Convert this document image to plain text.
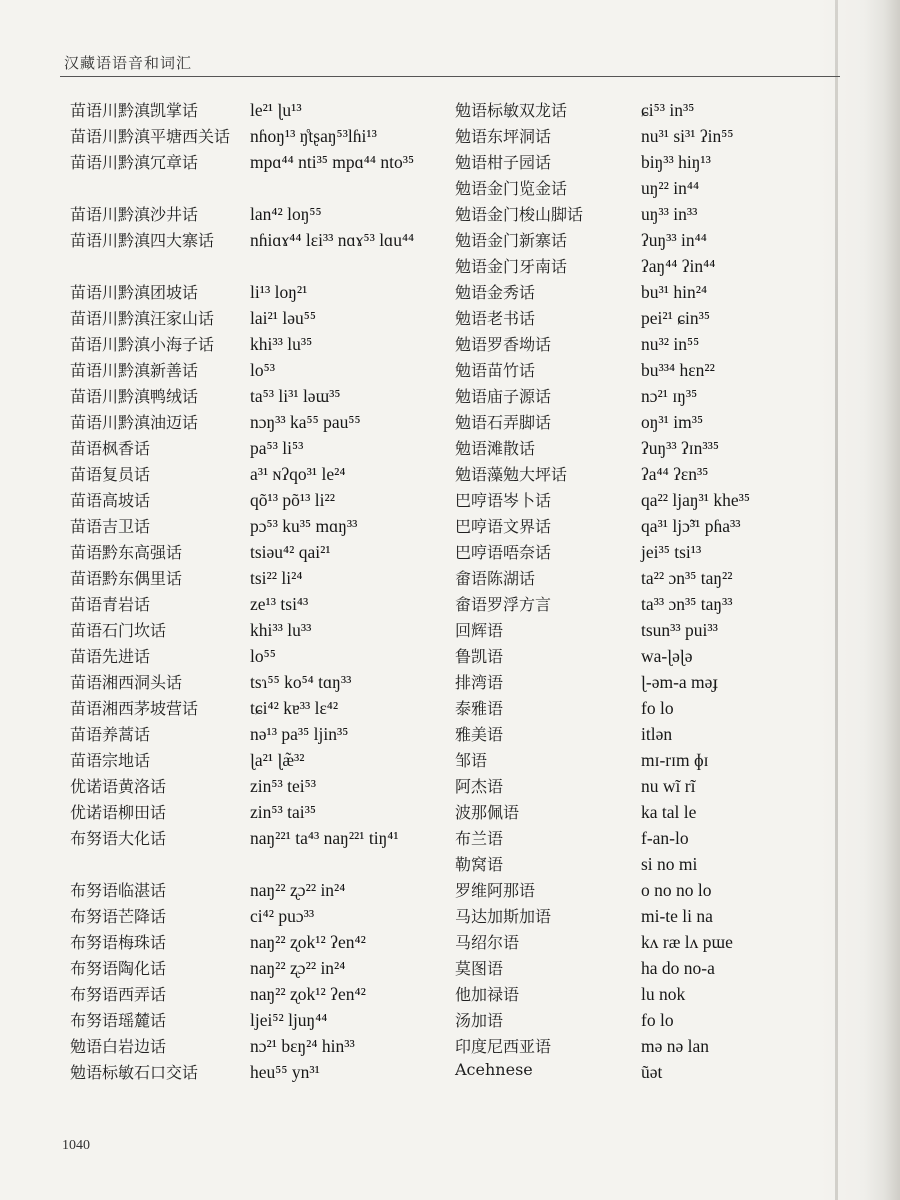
汉藏语语音和词汇
苗语川黔滇凯掌话	le²¹ ɭu¹³
苗语川黔滇平塘西关话 nɦoŋ¹³ ŋ̊tʂaŋ⁵³lɦi¹³
苗语川黔滇冗章话	mpɑ⁴⁴ nti³⁵ mpɑ⁴⁴ nto³⁵
苗语川黔滇沙井话	lan⁴² loŋ⁵⁵
苗语川黔滇四大寨话 nɦiɑɤ⁴⁴ lɛi³³ nɑɤ⁵³ lɑu⁴⁴
苗语川黔滇团坡话	li¹³ loŋ²¹
苗语川黔滇汪家山话 lai²¹ ləu⁵⁵
苗语川黔滇小海子话 khi³³ lu³⁵
苗语川黔滇新善话	lo⁵³
苗语川黔滇鸭绒话	ta⁵³ li³¹ ləɯ³⁵
苗语川黔滇油迈话	nɔŋ³³ ka⁵⁵ pau⁵⁵
苗语枫香话	pa⁵³ li⁵³
苗语复员话	a³¹ ɴʔqo³¹ le²⁴
苗语高坡话	qõ¹³ põ¹³ li²²
苗语吉卫话	pɔ⁵³ ku³⁵ mɑŋ³³
苗语黔东高强话	tsiəu⁴² qai²¹
苗语黔东偶里话	tsi²² li²⁴
苗语青岩话	ze¹³ tsi⁴³
苗语石门坎话	khi³³ lu³³
苗语先进话	lo⁵⁵
苗语湘西洞头话	tsɿ⁵⁵ ko⁵⁴ tɑŋ³³
苗语湘西茅坡营话	tɕi⁴² kɐ³³ lɛ⁴²
苗语养蒿话	nə¹³ pa³⁵ ljin³⁵
苗语宗地话	ɭa²¹ ɭæ̃³²
优诺语黄洛话	zin⁵³ tei⁵³
优诺语柳田话	zin⁵³ tai³⁵
布努语大化话	naŋ²²¹ ta⁴³ naŋ²²¹ tiŋ⁴¹
布努语临湛话	naŋ²² ʐɔ²² in²⁴
布努语芒降话	ci⁴² puɔ³³
布努语梅珠话	naŋ²² ʐok¹² ʔen⁴²
布努语陶化话	naŋ²² ʐɔ²² in²⁴
布努语西弄话	naŋ²² ʐok¹² ʔen⁴²
布努语瑶麓话	ljei⁵² ljuŋ⁴⁴
勉语白岩边话	nɔ²¹ bɛŋ²⁴ hin³³
勉语标敏石口交话	heu⁵⁵ yn³¹
勉语标敏双龙话	ɕi⁵³ in³⁵
勉语东坪洞话	nu³¹ si³¹ ʔin⁵⁵
勉语柑子园话	biŋ³³ hiŋ¹³
勉语金门览金话	uŋ²² in⁴⁴
勉语金门梭山脚话	uŋ³³ in³³
勉语金门新寨话	ʔuŋ³³ in⁴⁴
勉语金门牙南话	ʔaŋ⁴⁴ ʔin⁴⁴
勉语金秀话	bu³¹ hin²⁴
勉语老书话	pei²¹ ɕin³⁵
勉语罗香坳话	nu³² in⁵⁵
勉语苗竹话	bu³³⁴ hɛn²²
勉语庙子源话	nɔ²¹ ɪŋ³⁵
勉语石弄脚话	oŋ³¹ im³⁵
勉语滩散话	ʔuŋ³³ ʔɪn³³⁵
勉语藻勉大坪话	ʔa⁴⁴ ʔɛn³⁵
巴哼语岑卜话	qa²² ljaŋ³¹ khe³⁵
巴哼语文界话	qa³¹ ljɔ̃³¹ pɦa³³
巴哼语唔奈话	jei³⁵ tsi¹³
畲语陈湖话	ta²² ɔn³⁵ taŋ²²
畲语罗浮方言	ta³³ ɔn³⁵ taŋ³³
回辉语	tsun³³ pui³³
鲁凯语	wa-ɭəɭə
排湾语	ɭ-əm-a məɟ
泰雅语	fo lo
雅美语	itlən
邹语	mɪ-rɪm ɸɪ
阿杰语	nu wĩ rĩ
波那佩语	ka tal le
布兰语	f-an-lo
勒窝语	si no mi
罗维阿那语	o no no lo
马达加斯加语	mi-te li na
马绍尔语	kʌ ræ lʌ pɯe
莫图语	ha do no-a
他加禄语	lu nok
汤加语	fo lo
印度尼西亚语	mə nə lan
Acehnese	ũət
1040
